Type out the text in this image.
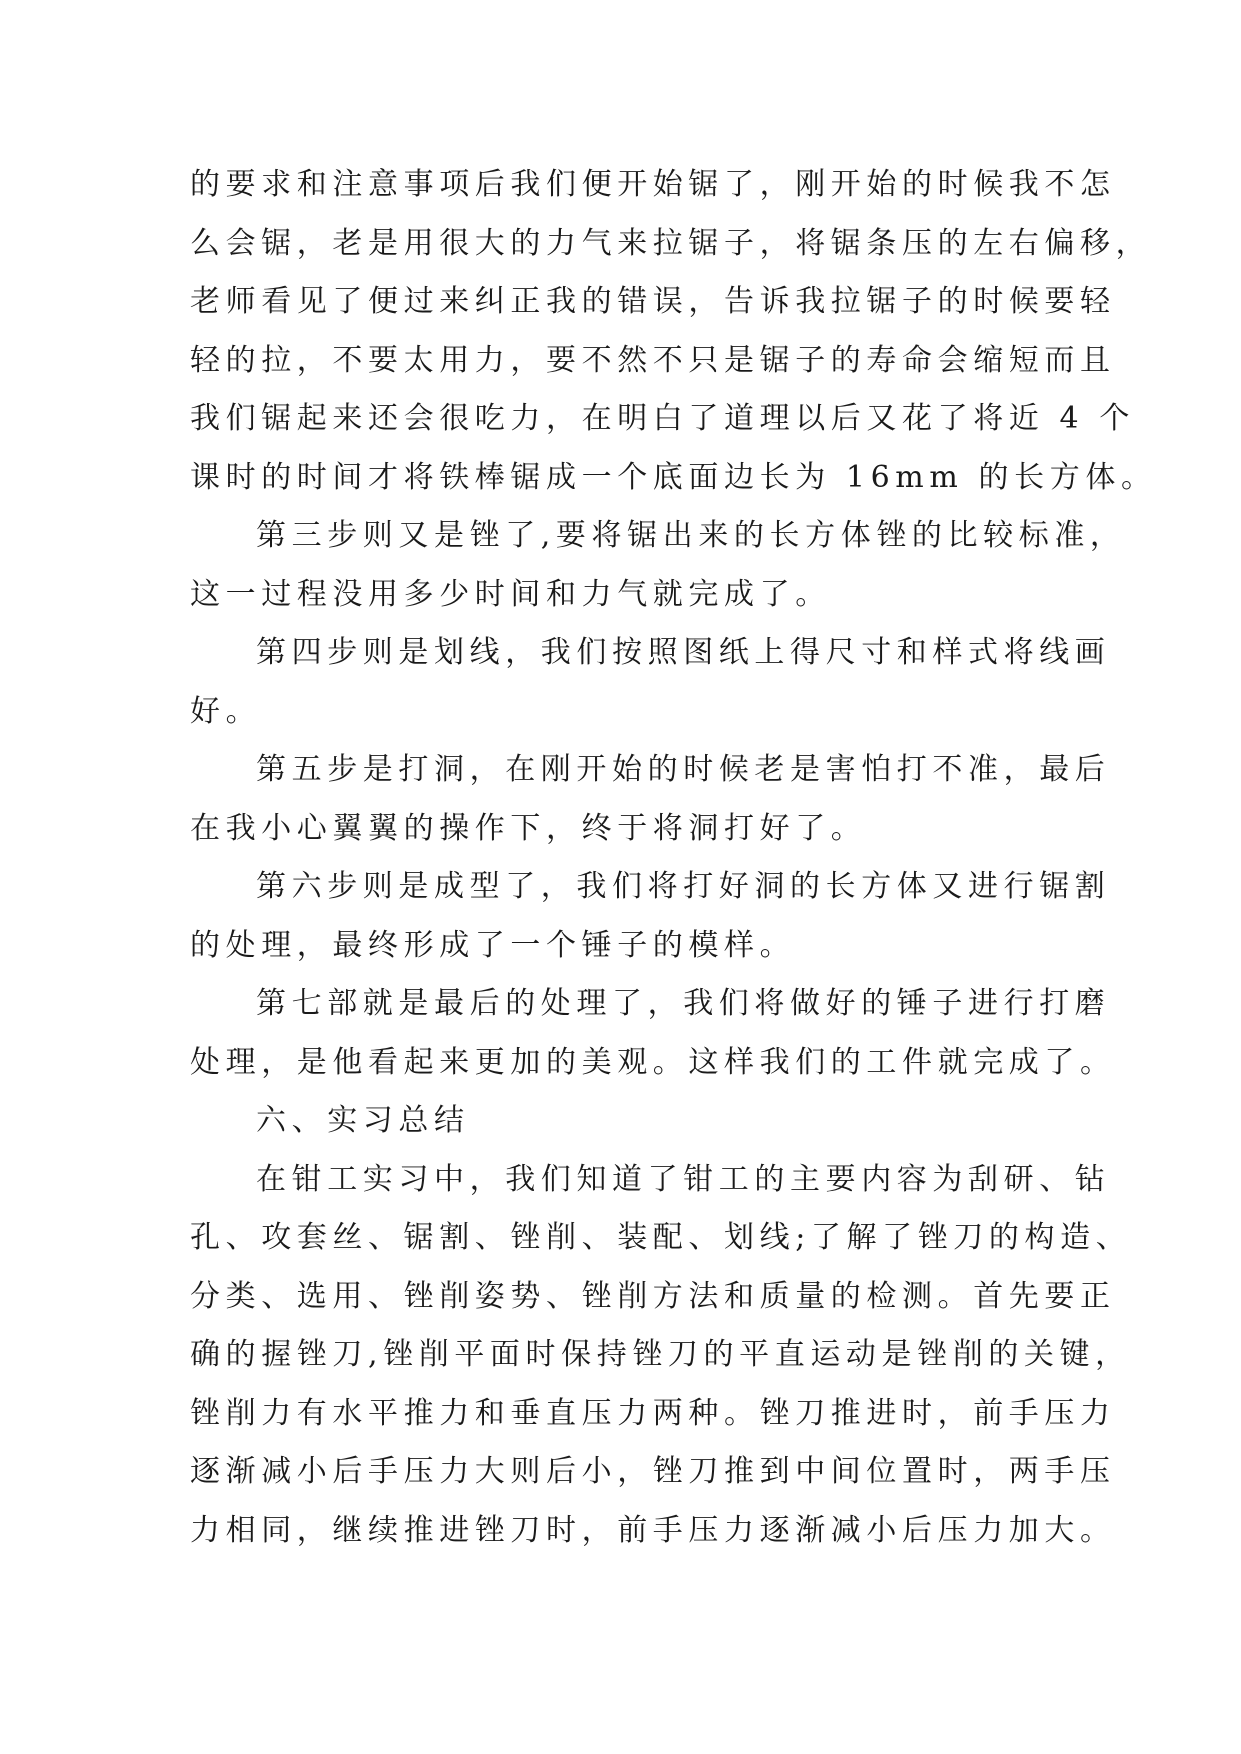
的要求和注意事项后我们便开始锯了，刚开始的时候我不怎
么会锯，老是用很大的力气来拉锯子，将锯条压的左右偏移，
老师看见了便过来纠正我的错误，告诉我拉锯子的时候要轻
轻的拉，不要太用力，要不然不只是锯子的寿命会缩短而且
我们锯起来还会很吃力，在明白了道理以后又花了将近 4 个
课时的时间才将铁棒锯成一个底面边长为 16mm 的长方体。
第三步则又是锉了,要将锯出来的长方体锉的比较标准，
这一过程没用多少时间和力气就完成了。
第四步则是划线，我们按照图纸上得尺寸和样式将线画
好。
第五步是打洞，在刚开始的时候老是害怕打不准，最后
在我小心翼翼的操作下，终于将洞打好了。
第六步则是成型了，我们将打好洞的长方体又进行锯割
的处理，最终形成了一个锤子的模样。
第七部就是最后的处理了，我们将做好的锤子进行打磨
处理，是他看起来更加的美观。这样我们的工件就完成了。
六、实习总结
在钳工实习中，我们知道了钳工的主要内容为刮研、钻
孔、攻套丝、锯割、锉削、装配、划线;了解了锉刀的构造、
分类、选用、锉削姿势、锉削方法和质量的检测。首先要正
确的握锉刀,锉削平面时保持锉刀的平直运动是锉削的关键，
锉削力有水平推力和垂直压力两种。锉刀推进时，前手压力
逐渐减小后手压力大则后小，锉刀推到中间位置时，两手压
力相同，继续推进锉刀时，前手压力逐渐减小后压力加大。
